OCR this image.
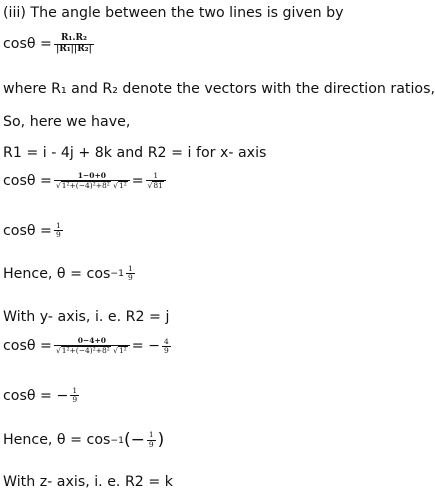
(iii) The angle between the two lines is given by
$\cos\theta = \frac{\text{R₁.R₂}}{\text{|R₁||R₂|}}$
where R₁ and R₂ denote the vectors with the direction ratios,
So, here we have,
R1 = i - 4j + 8k and R2 = i for x- axis
$\cos\theta = \frac{1-0+0}{\text{√1²+(−4)²+8² √1²}} = \frac{1}{√81}$
$\cos\theta = \frac{1}{9}$
Hence, $\theta = \cos -1 \frac{1}{9}$
With y- axis, i. e. R2 = j
$\cos\theta = \frac{0-4+0}{\text{√1²+(−4)²+8² √1²}}$ = − $\frac{4}{9}$
cosθ = − $\frac{1}{9}$
Hence, θ = cos −1 (− $\frac{1}{9}$ )
With z- axis, i. e. R2 = k
